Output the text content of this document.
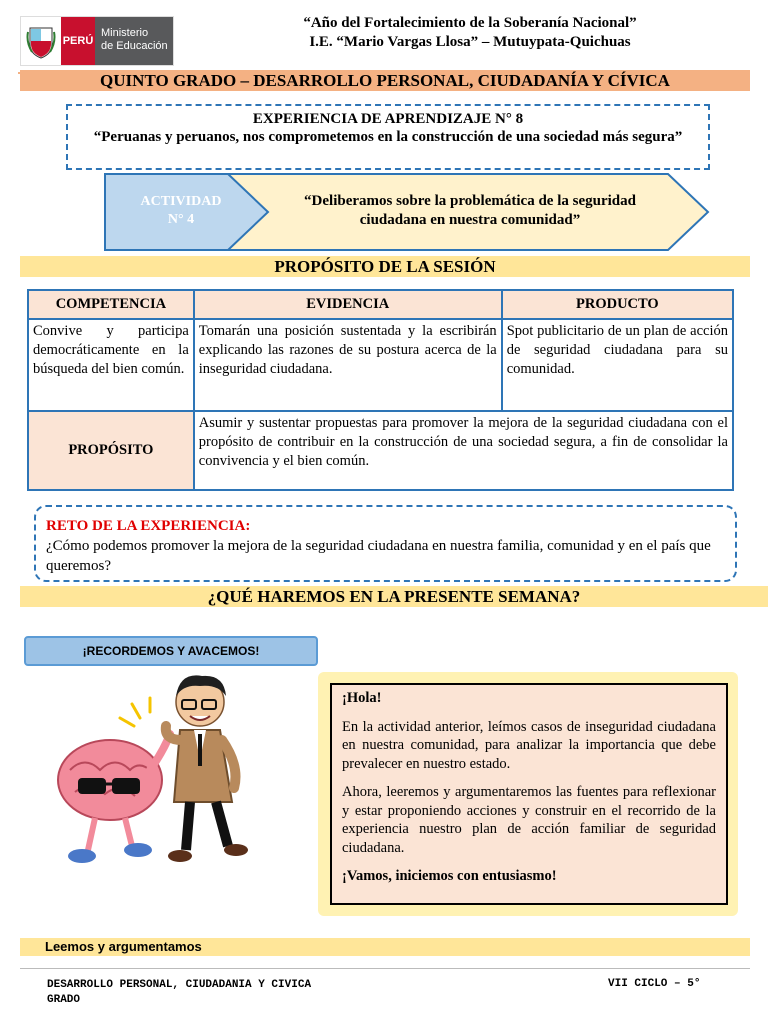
PERÚ
Ministerio
de Educación
“Año del Fortalecimiento de la Soberanía Nacional”
I.E. “Mario Vargas Llosa” – Mutuypata-Quichuas
QUINTO GRADO – DESARROLLO PERSONAL, CIUDADANÍA Y CÍVICA
EXPERIENCIA DE APRENDIZAJE N° 8
“Peruanas y peruanos, nos comprometemos en la construcción de una sociedad más segura”
ACTIVIDAD
N° 4
“Deliberamos sobre la problemática de la seguridad ciudadana en nuestra comunidad”
PROPÓSITO DE LA SESIÓN
COMPETENCIA	EVIDENCIA	PRODUCTO
Convive y participa democráticamente en la búsqueda del bien común.	Tomarán una posición sustentada y la escribirán explicando las razones de su postura acerca de la inseguridad ciudadana.	Spot publicitario de un plan de acción de seguridad ciudadana para su comunidad.
PROPÓSITO	Asumir y sustentar propuestas para promover la mejora de la seguridad ciudadana con el propósito de contribuir en la construcción de una sociedad segura, a fin de consolidar la convivencia y el bien común.	
RETO DE LA EXPERIENCIA:
¿Cómo podemos promover la mejora de la seguridad ciudadana en nuestra familia, comunidad y en el país que queremos?
¿QUÉ HAREMOS EN LA PRESENTE SEMANA?
¡RECORDEMOS Y AVACEMOS!

¡Hola!

En la actividad anterior, leímos casos de inseguridad ciudadana en nuestra comunidad, para analizar la importancia que debe prevalecer en nuestro estado.

Ahora, leeremos y argumentaremos las fuentes para reflexionar y estar proponiendo acciones y construir en el recorrido de la experiencia nuestro plan de acción familiar de seguridad ciudadana.

¡Vamos, iniciemos con entusiasmo!

Leemos y argumentamos
DESARROLLO PERSONAL, CIUDADANIA Y CIVICA
GRADO
VII CICLO – 5°
